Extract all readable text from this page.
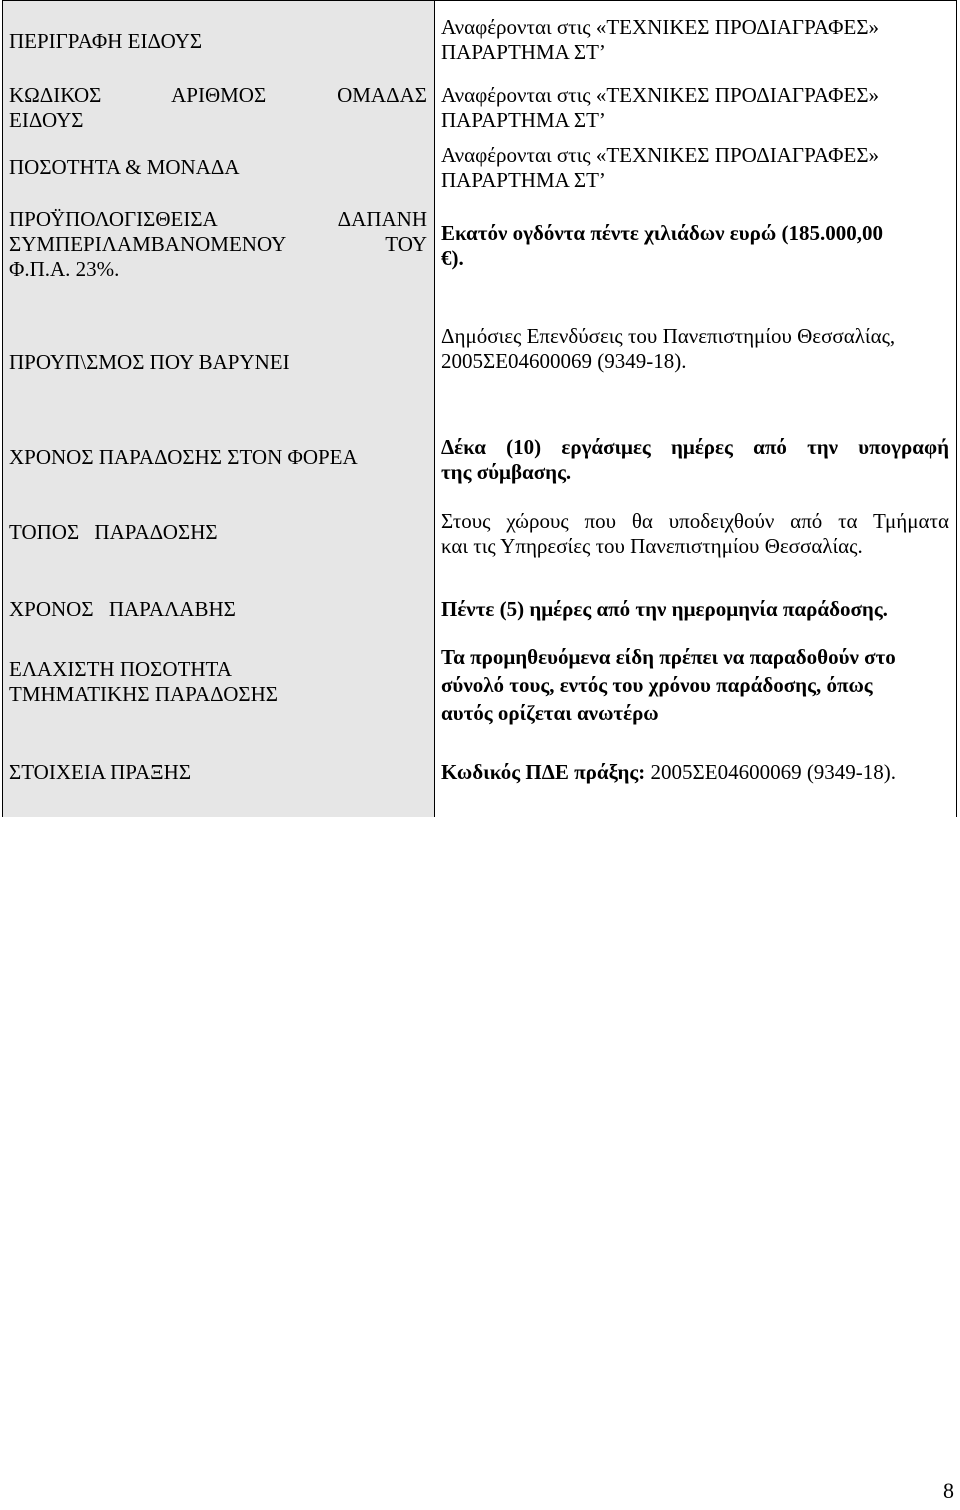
ΠΕΡΙΓΡΑΦΗ ΕΙΔΟΥΣ
Αναφέρονται στις «ΤΕΧΝΙΚΕΣ ΠΡΟΔΙΑΓΡΑΦΕΣ»
ΠΑΡΑΡΤΗΜΑ ΣΤ’
ΚΩΔΙΚΟΣ ΑΡΙΘΜΟΣ ΟΜΑΔΑΣ
ΕΙΔΟΥΣ
Αναφέρονται στις «ΤΕΧΝΙΚΕΣ ΠΡΟΔΙΑΓΡΑΦΕΣ»
ΠΑΡΑΡΤΗΜΑ ΣΤ’
ΠΟΣΟΤΗΤΑ & ΜΟΝΑΔΑ	Αναφέρονται στις «ΤΕΧΝΙΚΕΣ ΠΡΟΔΙΑΓΡΑΦΕΣ»
ΠΑΡΑΡΤΗΜΑ ΣΤ’
ΠΡΟΫΠΟΛΟΓΙΣΘΕΙΣΑ ΔΑΠΑΝΗ
ΣΥΜΠΕΡΙΛΑΜΒΑΝΟΜΕΝΟΥ ΤΟΥ
Φ.Π.Α. 23%.
Εκατόν ογδόντα πέντε χιλιάδων ευρώ (185.000,00
€).
ΠΡΟΥΠ\ΣΜΟΣ ΠΟΥ ΒΑΡΥΝΕΙ
Δημόσιες Επενδύσεις του Πανεπιστημίου Θεσσαλίας,
2005ΣΕ04600069 (9349-18).
ΧΡΟΝΟΣ ΠΑΡΑΔΟΣΗΣ ΣΤΟΝ ΦΟΡΕΑ
ΤΟΠΟΣ ΠΑΡΑΔΟΣΗΣ
Δέκα (10) εργάσιμες ημέρες από την υπογραφή
της σύμβασης.
Στους χώρους που θα υποδειχθούν από τα Τμήματα
και τις Υπηρεσίες του Πανεπιστημίου Θεσσαλίας.
ΧΡΟΝΟΣ ΠΑΡΑΛΑΒΗΣ
ΕΛΑΧΙΣΤΗ ΠΟΣΟΤΗΤΑ
ΤΜΗΜΑΤΙΚΗΣ ΠΑΡΑΔΟΣΗΣ
ΣΤΟΙΧΕΙΑ ΠΡΑΞΗΣ
Πέντε (5) ημέρες από την ημερομηνία παράδοσης.
Τα προμηθευόμενα είδη πρέπει να παραδοθούν στο
σύνολό τους, εντός του χρόνου παράδοσης, όπως
αυτός ορίζεται ανωτέρω
Κωδικός ΠΔΕ πράξης: 2005ΣΕ04600069 (9349-18).
8
